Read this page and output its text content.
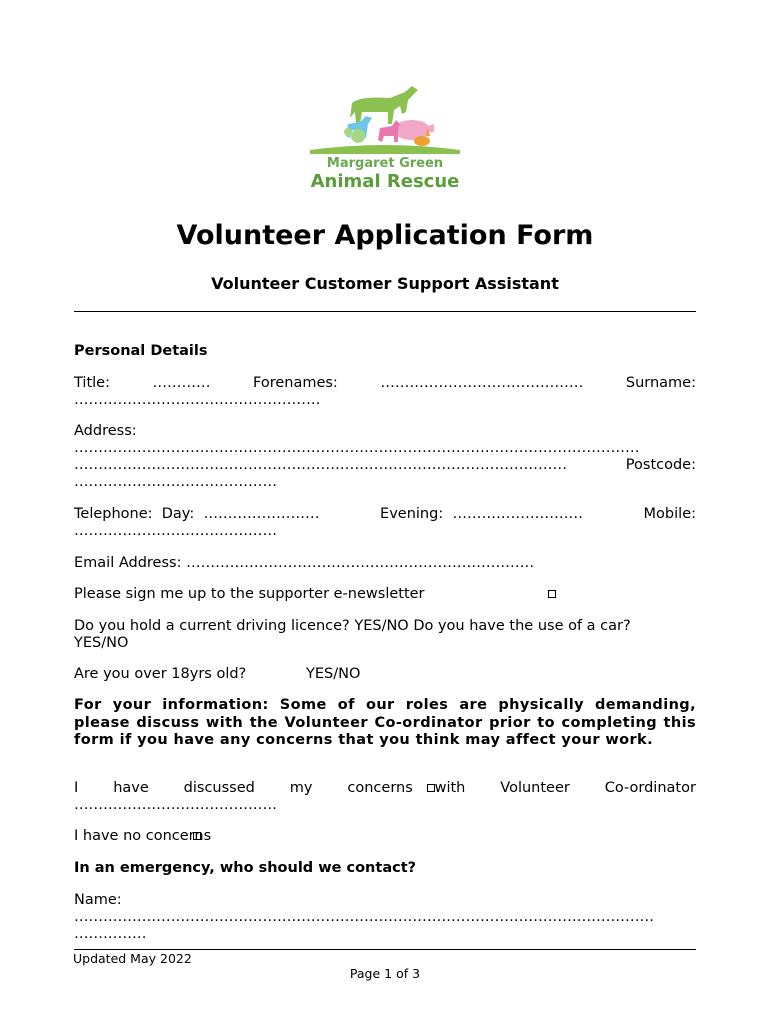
Margaret Green
Animal Rescue
Volunteer Application Form
Volunteer Customer Support Assistant
Personal Details
Title:	…………	Forenames:	……………………………………	Surname:
……………………………………………
Address:
………………………………………………………………………………………………………
…………………………………………………………………………………………	Postcode:
……………………………………
Telephone: Day: ……………………	Evening: ………………………	Mobile:
……………………………………
Email Address: ………………………………………………………………
Please sign me up to the supporter e-newsletter
Do you hold a current driving licence? YES/NO Do you have the use of a car?
YES/NO
Are you over 18yrs old?	YES/NO
For your information: Some of our roles are physically demanding, please discuss with the Volunteer Co-ordinator prior to completing this form if you have any concerns that you think may affect your work.
I have discussed my concerns with Volunteer Co-ordinator
……………………………………
I have no concerns
In an emergency, who should we contact?
Name:
…………………………………………………………………………………………………………
……………
Updated May 2022
Page 1 of 3
